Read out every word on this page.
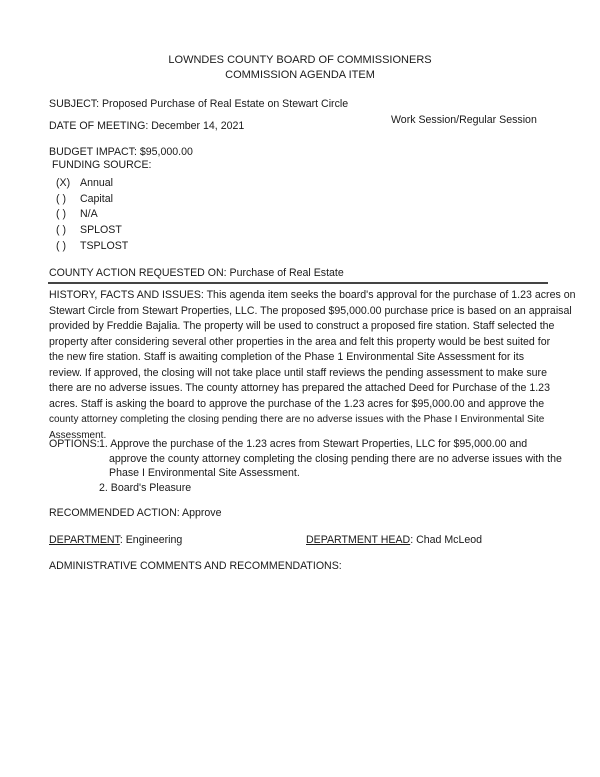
LOWNDES COUNTY BOARD OF COMMISSIONERS
COMMISSION AGENDA ITEM
SUBJECT: Proposed Purchase of Real Estate on Stewart Circle
DATE OF MEETING: December 14, 2021	Work Session/Regular Session
BUDGET IMPACT: $95,000.00
FUNDING SOURCE:
COUNTY ACTION REQUESTED ON: Purchase of Real Estate
OPTIONS:
RECOMMENDED ACTION: Approve
DEPARTMENT: Engineering	DEPARTMENT HEAD: Chad McLeod
ADMINISTRATIVE COMMENTS AND RECOMMENDATIONS:
(X) Annual
( ) Capital
( ) N/A
( ) SPLOST
( ) TSPLOST
HISTORY, FACTS AND ISSUES: This agenda item seeks the board's approval for the purchase of 1.23 acres on
Stewart Circle from Stewart Properties, LLC. The proposed $95,000.00 purchase price is based on an appraisal
provided by Freddie Bajalia. The property will be used to construct a proposed fire station. Staff selected the
property after considering several other properties in the area and felt this property would be best suited for
the new fire station. Staff is awaiting completion of the Phase 1 Environmental Site Assessment for its
review. If approved, the closing will not take place until staff reviews the pending assessment to make sure
there are no adverse issues. The county attorney has prepared the attached Deed for Purchase of the 1.23
acres. Staff is asking the board to approve the purchase of the 1.23 acres for $95,000.00 and approve the
county attorney completing the closing pending there are no adverse issues with the Phase I Environmental Site
Assessment.
1. Approve the purchase of the 1.23 acres from Stewart Properties, LLC for $95,000.00 and
approve the county attorney completing the closing pending there are no adverse issues with the
Phase I Environmental Site Assessment.
2. Board's Pleasure
